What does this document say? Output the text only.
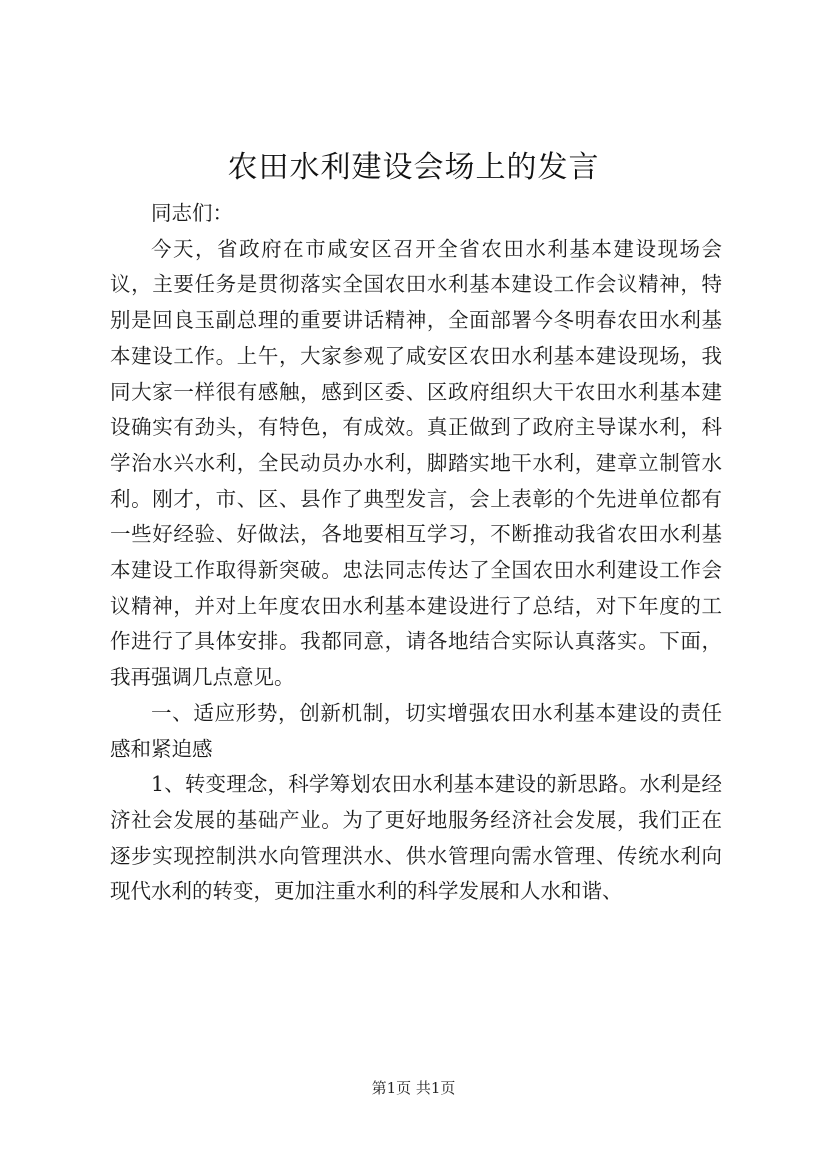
农田水利建设会场上的发言

同志们：

今天，省政府在市咸安区召开全省农田水利基本建设现场会议，主要任务是贯彻落实全国农田水利基本建设工作会议精神，特别是回良玉副总理的重要讲话精神，全面部署今冬明春农田水利基本建设工作。上午，大家参观了咸安区农田水利基本建设现场，我同大家一样很有感触，感到区委、区政府组织大干农田水利基本建设确实有劲头，有特色，有成效。真正做到了政府主导谋水利，科学治水兴水利，全民动员办水利，脚踏实地干水利，建章立制管水利。刚才，市、区、县作了典型发言，会上表彰的个先进单位都有一些好经验、好做法，各地要相互学习，不断推动我省农田水利基本建设工作取得新突破。忠法同志传达了全国农田水利建设工作会议精神，并对上年度农田水利基本建设进行了总结，对下年度的工作进行了具体安排。我都同意，请各地结合实际认真落实。下面，我再强调几点意见。

一、适应形势，创新机制，切实增强农田水利基本建设的责任感和紧迫感

1、转变理念，科学筹划农田水利基本建设的新思路。水利是经济社会发展的基础产业。为了更好地服务经济社会发展，我们正在逐步实现控制洪水向管理洪水、供水管理向需水管理、传统水利向现代水利的转变，更加注重水利的科学发展和人水和谐、

第1页 共1页
